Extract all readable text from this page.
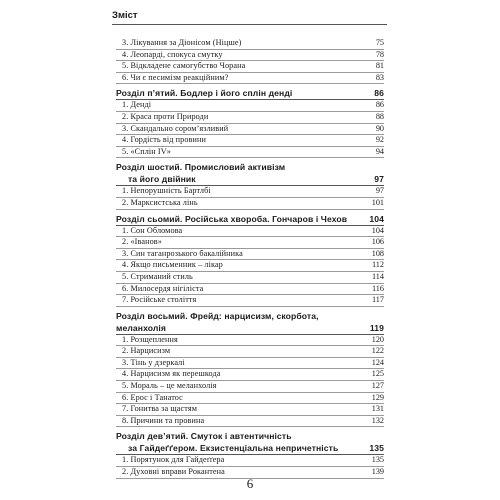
Зміст
3. Лікування за Діонісом (Ніцше)	75
4. Леопарді, спокуса смутку	78
5. Відкладене самогубство Чорана	81
6. Чи є песимізм реакційним?	83
Розділ п’ятий. Бодлер і його сплін денді	86
1. Денді	86
2. Краса проти Природи	88
3. Скандально сором’язливий	90
4. Гордість від провини	92
5. «Сплін IV»	94
Розділ шостий. Промисловий активізм
та його двійник	97
1. Непорушність Бартлбі	97
2. Марксистська лінь	101
Розділ сьомий. Російська хвороба. Гончаров і Чехов	104
1. Сон Обломова	104
2. «Іванов»	106
3. Син таганрозького бакалійника	108
4. Якщо письменник – лікар	112
5. Стриманий стиль	114
6. Милосердя нігіліста	116
7. Російське століття	117
Розділ восьмий. Фрейд: нарцисизм, скорбота,
меланхолія	119
1. Розщеплення	120
2. Нарцисизм	122
3. Тінь у дзеркалі	124
4. Нарцисизм як перешкода	125
5. Мораль – це меланхолія	127
6. Ерос і Танатос	129
7. Гонитва за щастям	131
8. Причини та провина	132
Розділ дев’ятий. Смуток і автентичність
за Гайдеґґером. Екзистенціальна непричетність	135
1. Порятунок для Гайдеґґера	135
2. Духовні вправи Рокантена	139
6
